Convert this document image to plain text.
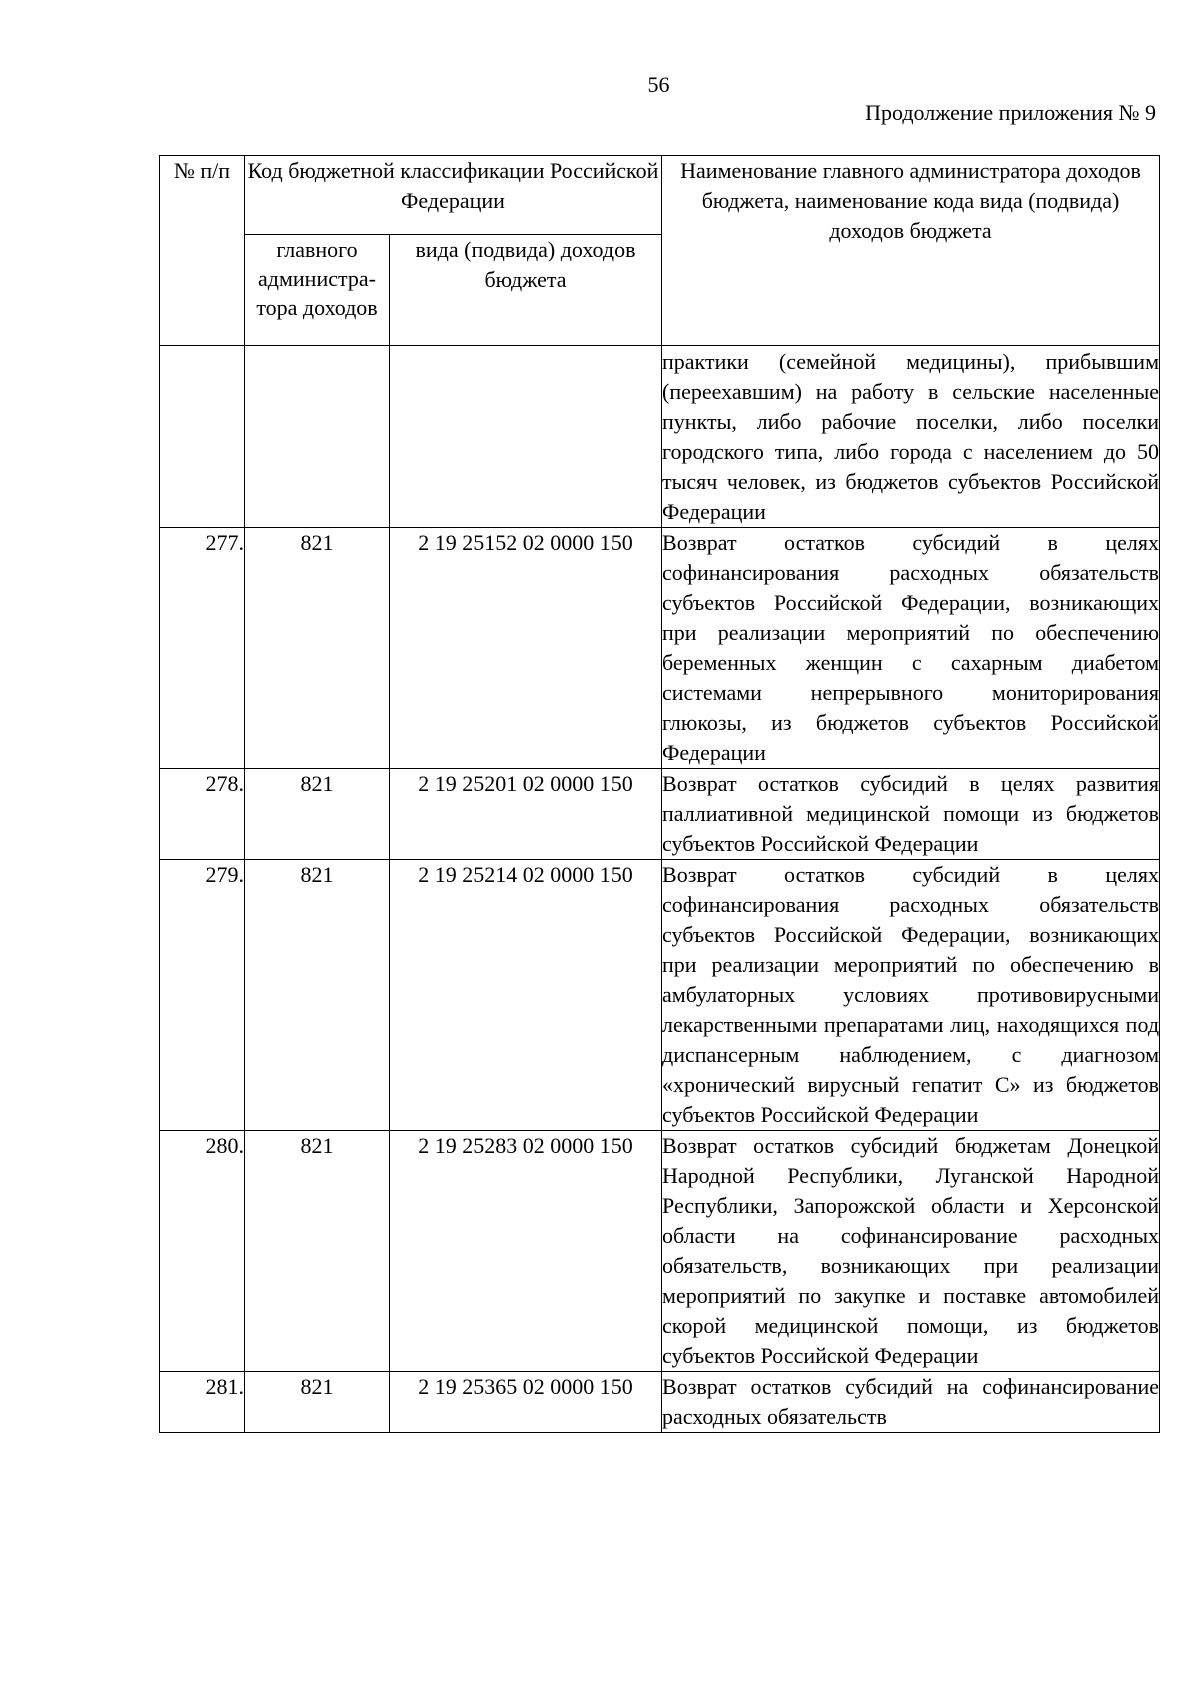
56
Продолжение приложения № 9
№ п/п	Код бюджетной классификации Российской Федерации		Наименование главного администратора доходов бюджета, наименование кода вида (подвида) доходов бюджета
	главного администра-тора доходов	вида (подвида) доходов бюджета	
			практики (семейной медицины), прибывшим (переехавшим) на работу в сельские населенные пункты, либо рабочие поселки, либо поселки городского типа, либо города с населением до 50 тысяч человек, из бюджетов субъектов Российской Федерации
277.	821	2 19 25152 02 0000 150	Возврат остатков субсидий в целях софинансирования расходных обязательств субъектов Российской Федерации, возникающих при реализации мероприятий по обеспечению беременных женщин с сахарным диабетом системами непрерывного мониторирования глюкозы, из бюджетов субъектов Российской Федерации
278.	821	2 19 25201 02 0000 150	Возврат остатков субсидий в целях развития паллиативной медицинской помощи из бюджетов субъектов Российской Федерации
279.	821	2 19 25214 02 0000 150	Возврат остатков субсидий в целях софинансирования расходных обязательств субъектов Российской Федерации, возникающих при реализации мероприятий по обеспечению в амбулаторных условиях противовирусными лекарственными препаратами лиц, находящихся под диспансерным наблюдением, с диагнозом «хронический вирусный гепатит С» из бюджетов субъектов Российской Федерации
280.	821	2 19 25283 02 0000 150	Возврат остатков субсидий бюджетам Донецкой Народной Республики, Луганской Народной Республики, Запорожской области и Херсонской области на софинансирование расходных обязательств, возникающих при реализации мероприятий по закупке и поставке автомобилей скорой медицинской помощи, из бюджетов субъектов Российской Федерации
281.	821	2 19 25365 02 0000 150	Возврат остатков субсидий на софинансирование расходных обязательств
